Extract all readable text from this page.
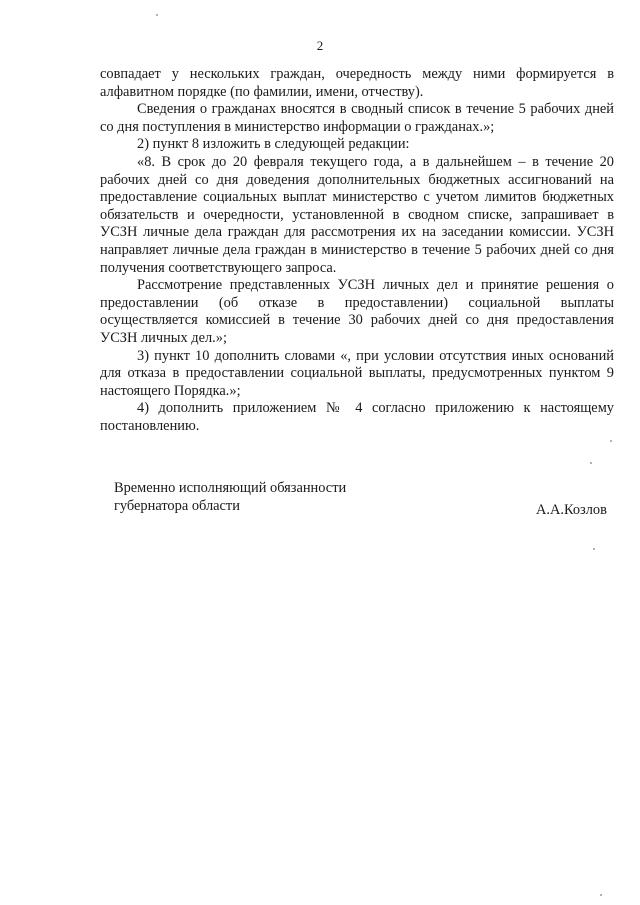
2

совпадает у нескольких граждан, очередность между ними формируется в алфавитном порядке (по фамилии, имени, отчеству).

Сведения о гражданах вносятся в сводный список в течение 5 рабочих дней со дня поступления в министерство информации о гражданах.»;

2) пункт 8 изложить в следующей редакции:

«8. В срок до 20 февраля текущего года, а в дальнейшем – в течение 20 рабочих дней со дня доведения дополнительных бюджетных ассигнований на предоставление социальных выплат министерство с учетом лимитов бюджетных обязательств и очередности, установленной в сводном списке, запрашивает в УСЗН личные дела граждан для рассмотрения их на заседании комиссии. УСЗН направляет личные дела граждан в министерство в течение 5 рабочих дней со дня получения соответствующего запроса.

Рассмотрение представленных УСЗН личных дел и принятие решения о предоставлении (об отказе в предоставлении) социальной выплаты осуществляется комиссией в течение 30 рабочих дней со дня предоставления УСЗН личных дел.»;

3) пункт 10 дополнить словами «, при условии отсутствия иных оснований для отказа в предоставлении социальной выплаты, предусмотренных пунктом 9 настоящего Порядка.»;

4) дополнить приложением № 4 согласно приложению к настоящему постановлению.

Временно исполняющий обязанности
губернатора области	А.А.Козлов
